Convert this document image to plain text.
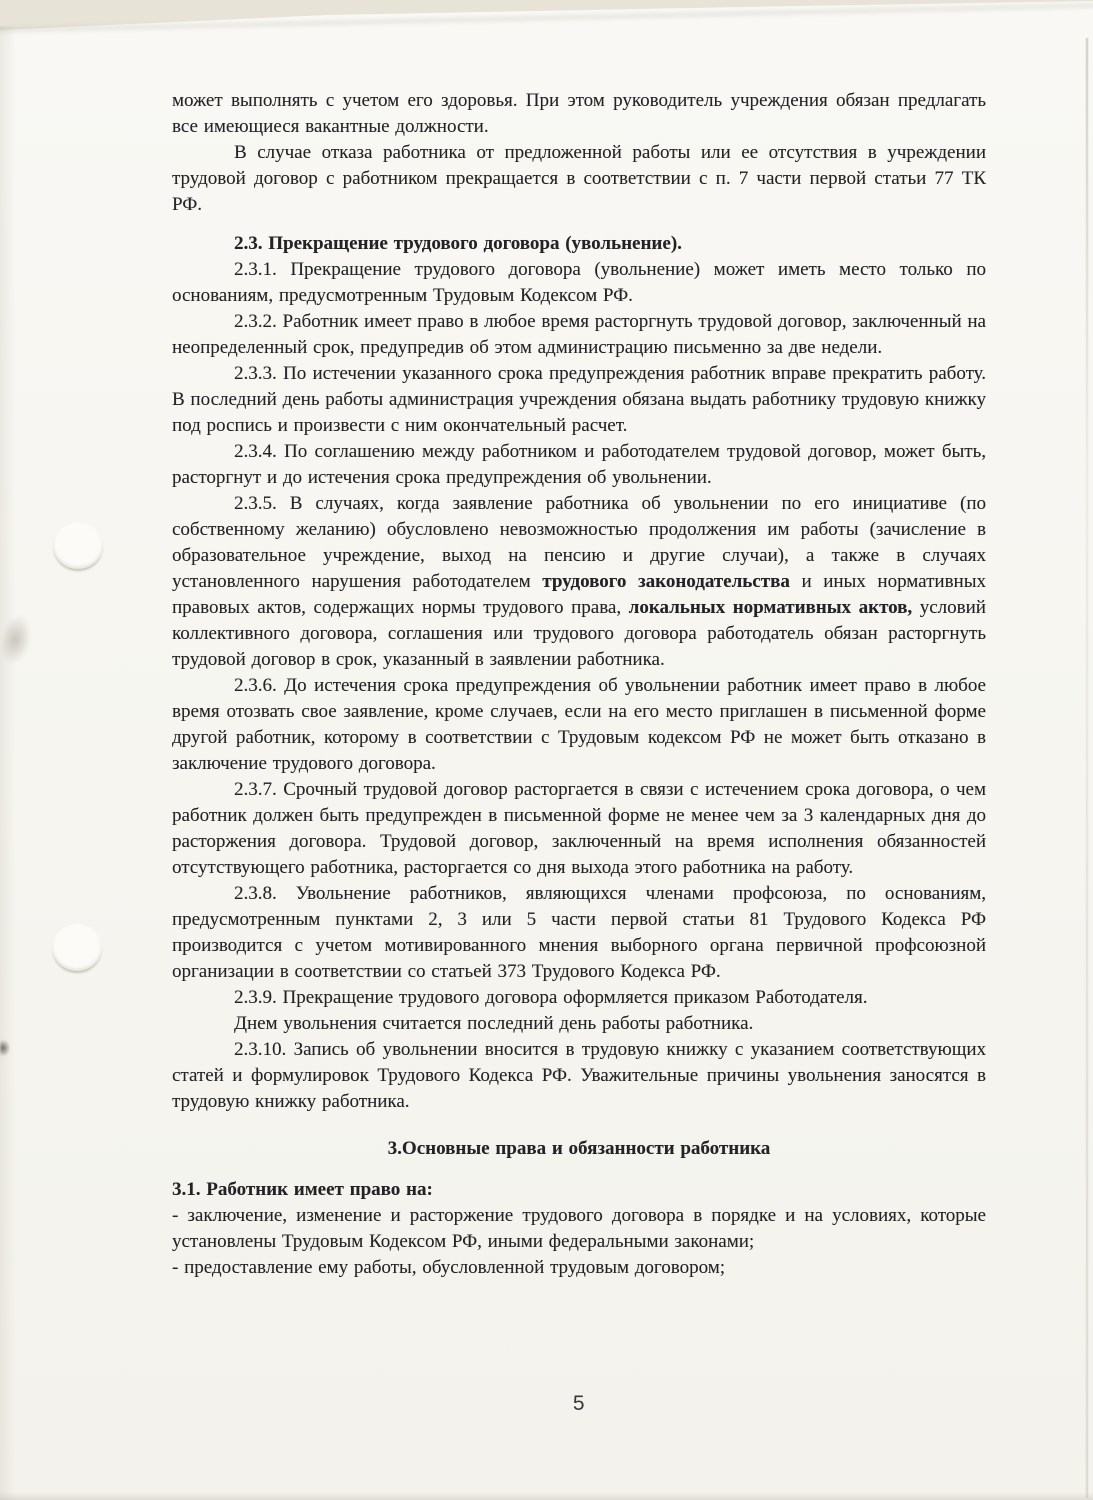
может выполнять с учетом его здоровья. При этом руководитель учреждения обязан предлагать все имеющиеся вакантные должности.

В случае отказа работника от предложенной работы или ее отсутствия в учреждении трудовой договор с работником прекращается в соответствии с п. 7 части первой статьи 77 ТК РФ.

2.3. Прекращение трудового договора (увольнение).

2.3.1. Прекращение трудового договора (увольнение) может иметь место только по основаниям, предусмотренным Трудовым Кодексом РФ.

2.3.2. Работник имеет право в любое время расторгнуть трудовой договор, заключенный на неопределенный срок, предупредив об этом администрацию письменно за две недели.

2.3.3. По истечении указанного срока предупреждения работник вправе прекратить работу. В последний день работы администрация учреждения обязана выдать работнику трудовую книжку под роспись и произвести с ним окончательный расчет.

2.3.4. По соглашению между работником и работодателем трудовой договор, может быть, расторгнут и до истечения срока предупреждения об увольнении.

2.3.5. В случаях, когда заявление работника об увольнении по его инициативе (по собственному желанию) обусловлено невозможностью продолжения им работы (зачисление в образовательное учреждение, выход на пенсию и другие случаи), а также в случаях установленного нарушения работодателем трудового законодательства и иных нормативных правовых актов, содержащих нормы трудового права, локальных нормативных актов, условий коллективного договора, соглашения или трудового договора работодатель обязан расторгнуть трудовой договор в срок, указанный в заявлении работника.

2.3.6. До истечения срока предупреждения об увольнении работник имеет право в любое время отозвать свое заявление, кроме случаев, если на его место приглашен в письменной форме другой работник, которому в соответствии с Трудовым кодексом РФ не может быть отказано в заключение трудового договора.

2.3.7. Срочный трудовой договор расторгается в связи с истечением срока договора, о чем работник должен быть предупрежден в письменной форме не менее чем за 3 календарных дня до расторжения договора. Трудовой договор, заключенный на время исполнения обязанностей отсутствующего работника, расторгается со дня выхода этого работника на работу.

2.3.8. Увольнение работников, являющихся членами профсоюза, по основаниям, предусмотренным пунктами 2, 3 или 5 части первой статьи 81 Трудового Кодекса РФ производится с учетом мотивированного мнения выборного органа первичной профсоюзной организации в соответствии со статьей 373 Трудового Кодекса РФ.

2.3.9. Прекращение трудового договора оформляется приказом Работодателя.

Днем увольнения считается последний день работы работника.

2.3.10. Запись об увольнении вносится в трудовую книжку с указанием соответствующих статей и формулировок Трудового Кодекса РФ. Уважительные причины увольнения заносятся в трудовую книжку работника.

3.Основные права и обязанности работника

3.1. Работник имеет право на:

- заключение, изменение и расторжение трудового договора в порядке и на условиях, которые установлены Трудовым Кодексом РФ, иными федеральными законами;

- предоставление ему работы, обусловленной трудовым договором;

5
